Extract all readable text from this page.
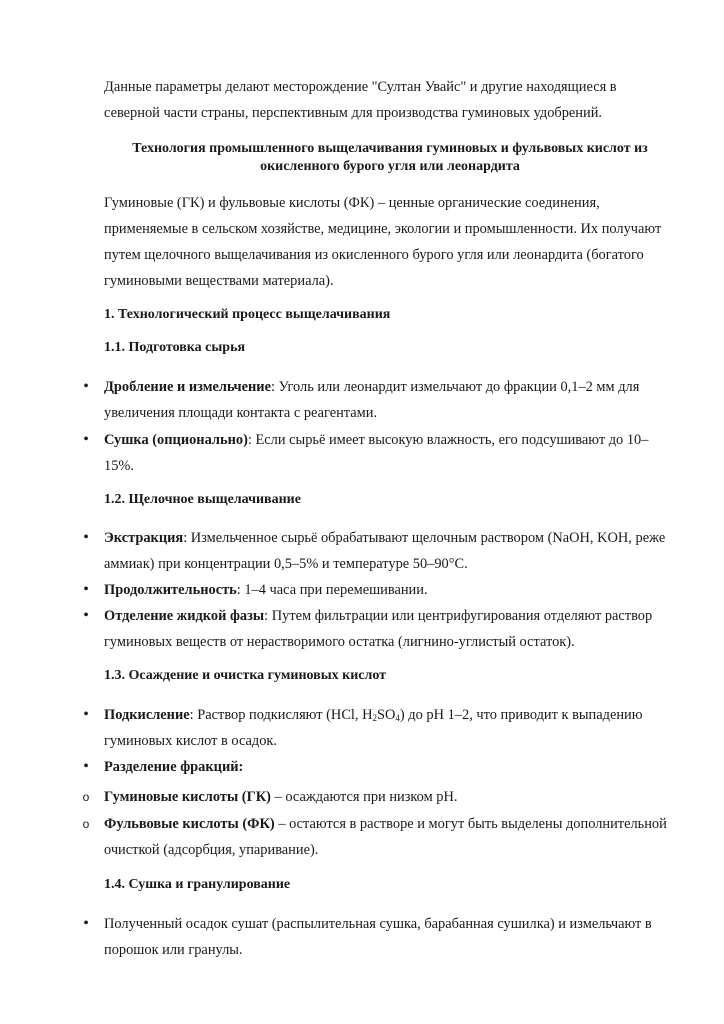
Данные параметры делают месторождение "Султан Увайс" и другие находящиеся в северной части страны, перспективным для производства гуминовых удобрений.

Технология промышленного выщелачивания гуминовых и фульвовых кислот из
окисленного бурого угля или леонардита

Гуминовые (ГК) и фульвовые кислоты (ФК) – ценные органические соединения, применяемые в сельском хозяйстве, медицине, экологии и промышленности. Их получают путем щелочного выщелачивания из окисленного бурого угля или леонардита (богатого гуминовыми веществами материала).

1. Технологический процесс выщелачивания

1.1. Подготовка сырья

•

Дробление и измельчение: Уголь или леонардит измельчают до фракции 0,1–2 мм для увеличения площади контакта с реагентами.

•

Сушка (опционально): Если сырьё имеет высокую влажность, его подсушивают до 10–15%.

1.2. Щелочное выщелачивание

•

Экстракция: Измельченное сырьё обрабатывают щелочным раствором (NaOH, KOH, реже аммиак) при концентрации 0,5–5% и температуре 50–90°C.

•

Продолжительность: 1–4 часа при перемешивании.

•

Отделение жидкой фазы: Путем фильтрации или центрифугирования отделяют раствор гуминовых веществ от нерастворимого остатка (лигнино-углистый остаток).

1.3. Осаждение и очистка гуминовых кислот

•

Подкисление: Раствор подкисляют (HCl, $H_2SO_4$) до pH 1–2, что приводит к выпадению гуминовых кислот в осадок.

•

Разделение фракций:

o

Гуминовые кислоты (ГК) – осаждаются при низком pH.

o

Фульвовые кислоты (ФК) – остаются в растворе и могут быть выделены дополнительной очисткой (адсорбция, упаривание).

1.4. Сушка и гранулирование

•

Полученный осадок сушат (распылительная сушка, барабанная сушилка) и измельчают в порошок или гранулы.
